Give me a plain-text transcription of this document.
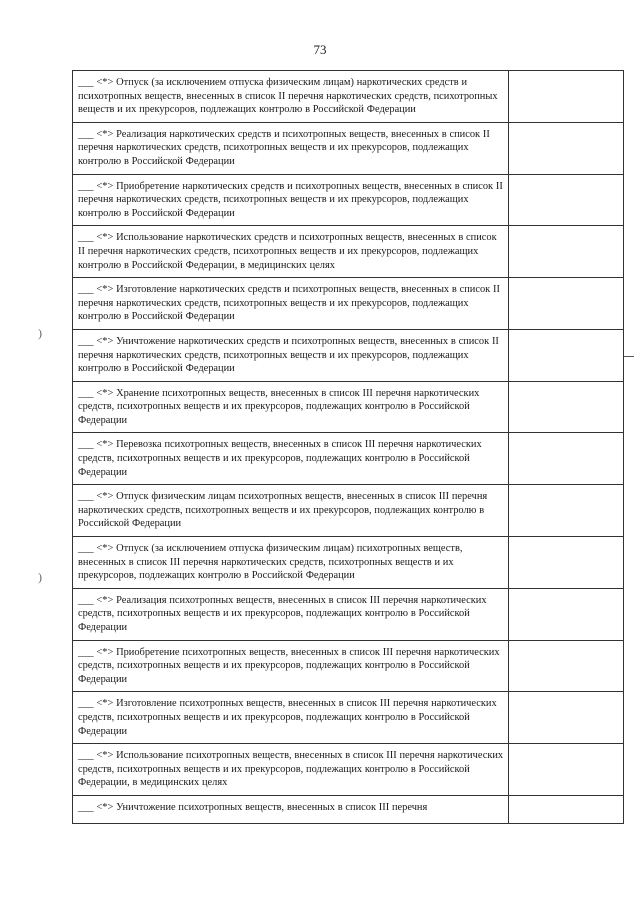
73
___ <*> Отпуск (за исключением отпуска физическим лицам) наркотических средств и психотропных веществ, внесенных в список II перечня наркотических средств, психотропных веществ и их прекурсоров, подлежащих контролю в Российской Федерации	
___ <*> Реализация наркотических средств и психотропных веществ, внесенных в список II перечня наркотических средств, психотропных веществ и их прекурсоров, подлежащих контролю в Российской Федерации	
___ <*> Приобретение наркотических средств и психотропных веществ, внесенных в список II перечня наркотических средств, психотропных веществ и их прекурсоров, подлежащих контролю в Российской Федерации	
___ <*> Использование наркотических средств и психотропных веществ, внесенных в список II перечня наркотических средств, психотропных веществ и их прекурсоров, подлежащих контролю в Российской Федерации, в медицинских целях	
___ <*> Изготовление наркотических средств и психотропных веществ, внесенных в список II перечня наркотических средств, психотропных веществ и их прекурсоров, подлежащих контролю в Российской Федерации	
___ <*> Уничтожение наркотических средств и психотропных веществ, внесенных в список II перечня наркотических средств, психотропных веществ и их прекурсоров, подлежащих контролю в Российской Федерации	
___ <*> Хранение психотропных веществ, внесенных в список III перечня наркотических средств, психотропных веществ и их прекурсоров, подлежащих контролю в Российской Федерации	
___ <*> Перевозка психотропных веществ, внесенных в список III перечня наркотических средств, психотропных веществ и их прекурсоров, подлежащих контролю в Российской Федерации	
___ <*> Отпуск физическим лицам психотропных веществ, внесенных в список III перечня наркотических средств, психотропных веществ и их прекурсоров, подлежащих контролю в Российской Федерации	
___ <*> Отпуск (за исключением отпуска физическим лицам) психотропных веществ, внесенных в список III перечня наркотических средств, психотропных веществ и их прекурсоров, подлежащих контролю в Российской Федерации	
___ <*> Реализация психотропных веществ, внесенных в список III перечня наркотических средств, психотропных веществ и их прекурсоров, подлежащих контролю в Российской Федерации	
___ <*> Приобретение психотропных веществ, внесенных в список III перечня наркотических средств, психотропных веществ и их прекурсоров, подлежащих контролю в Российской Федерации	
___ <*> Изготовление психотропных веществ, внесенных в список III перечня наркотических средств, психотропных веществ и их прекурсоров, подлежащих контролю в Российской Федерации	
___ <*> Использование психотропных веществ, внесенных в список III перечня наркотических средств, психотропных веществ и их прекурсоров, подлежащих контролю в Российской Федерации, в медицинских целях	
___ <*> Уничтожение психотропных веществ, внесенных в список III перечня	
)
)
